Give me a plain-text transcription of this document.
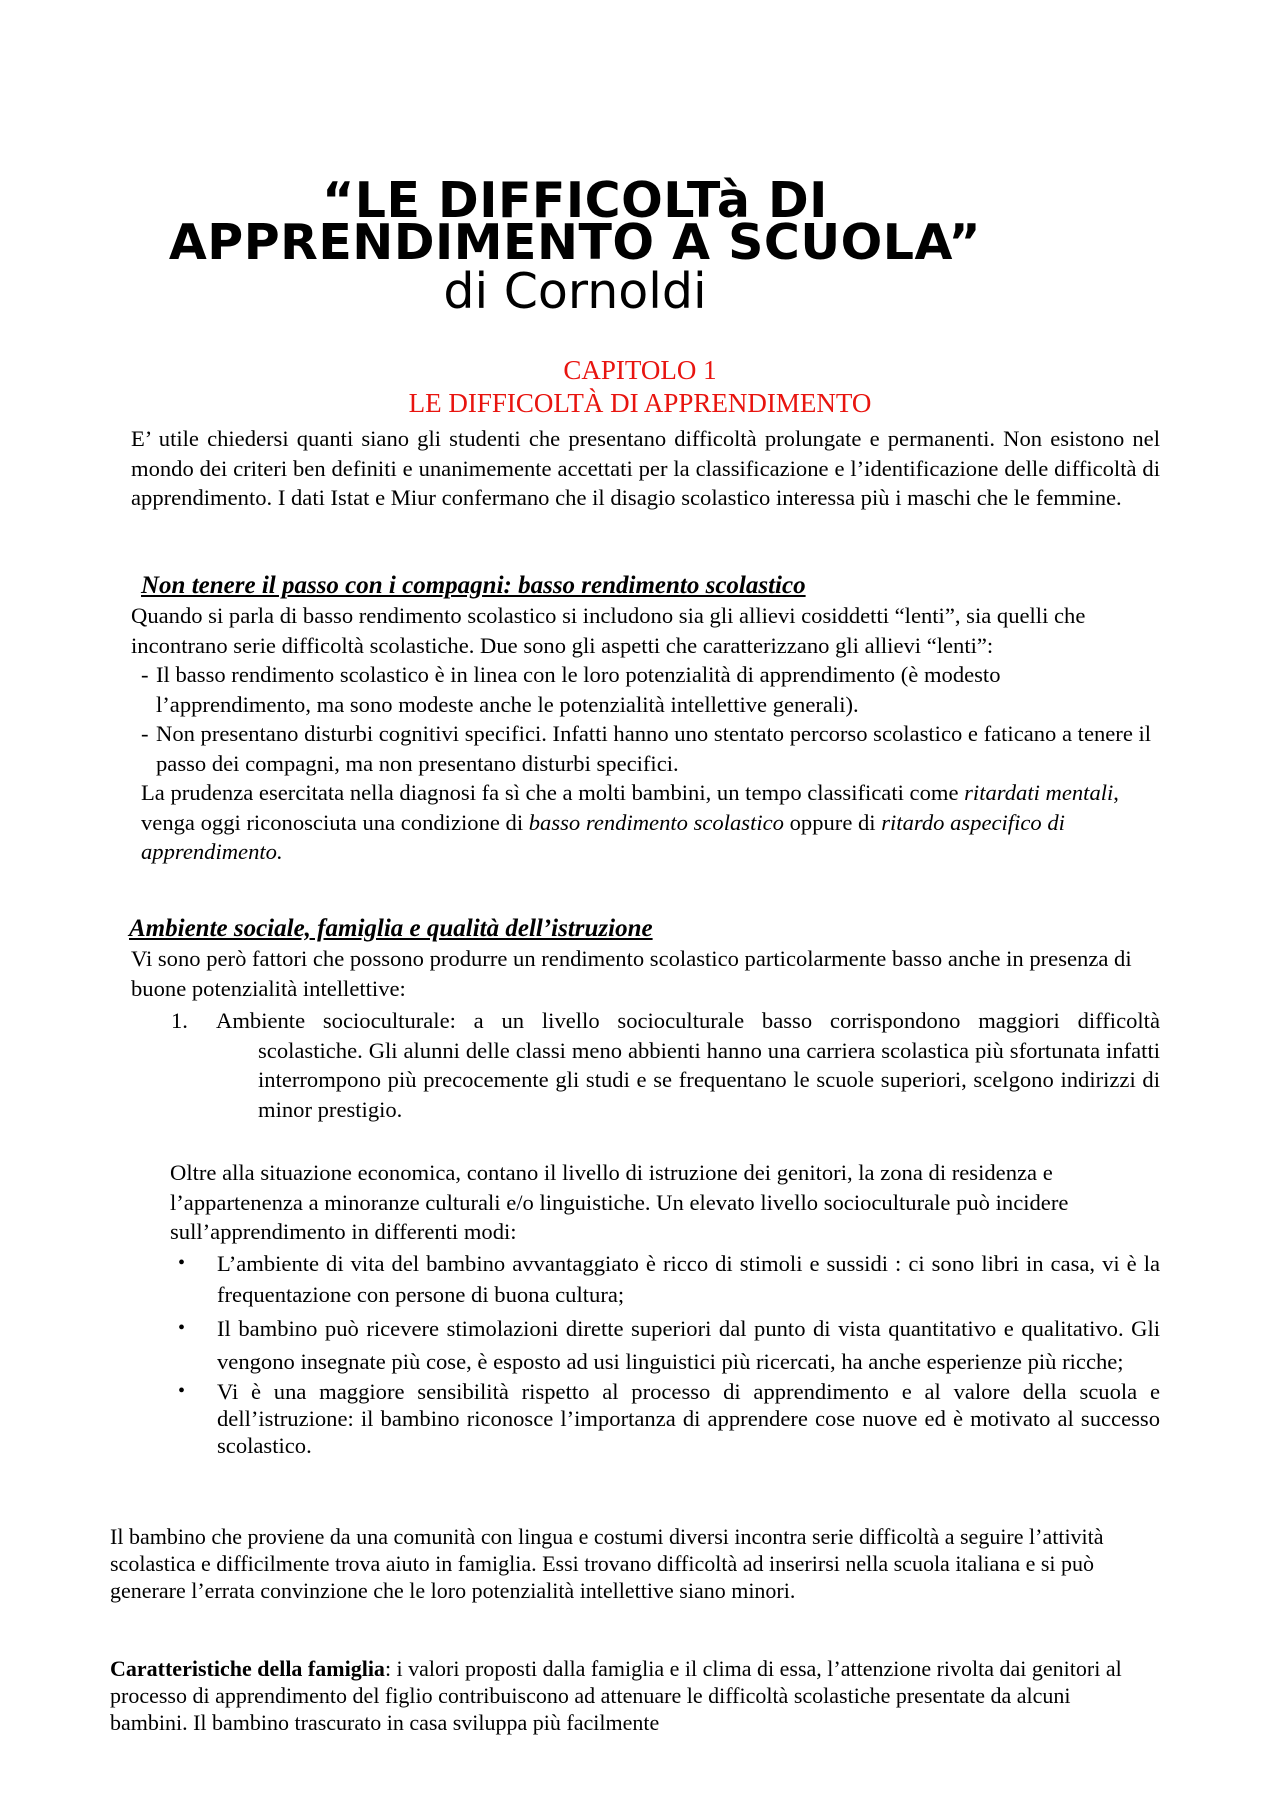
“LE DIFFICOLTà DI
APPRENDIMENTO A SCUOLA”
di Cornoldi
CAPITOLO 1
LE DIFFICOLTÀ DI APPRENDIMENTO

E’ utile chiedersi quanti siano gli studenti che presentano difficoltà prolungate e permanenti. Non esistono nel mondo dei criteri ben definiti e unanimemente accettati per la classificazione e l’identificazione delle difficoltà di apprendimento. I dati Istat e Miur confermano che il disagio scolastico interessa più i maschi che le femmine.

Non tenere il passo con i compagni: basso rendimento scolastico

Quando si parla di basso rendimento scolastico si includono sia gli allievi cosiddetti “lenti”, sia quelli che incontrano serie difficoltà scolastiche. Due sono gli aspetti che caratterizzano gli allievi “lenti”:

- Il basso rendimento scolastico è in linea con le loro potenzialità di apprendimento (è modesto l’apprendimento, ma sono modeste anche le potenzialità intellettive generali).
- Non presentano disturbi cognitivi specifici. Infatti hanno uno stentato percorso scolastico e faticano a tenere il passo dei compagni, ma non presentano disturbi specifici.

La prudenza esercitata nella diagnosi fa sì che a molti bambini, un tempo classificati come ritardati mentali, venga oggi riconosciuta una condizione di basso rendimento scolastico oppure di ritardo aspecifico di apprendimento.

Ambiente sociale, famiglia e qualità dell’istruzione

Vi sono però fattori che possono produrre un rendimento scolastico particolarmente basso anche in presenza di buone potenzialità intellettive:

1. Ambiente socioculturale: a un livello socioculturale basso corrispondono maggiori difficoltà scolastiche. Gli alunni delle classi meno abbienti hanno una carriera scolastica più sfortunata infatti interrompono più precocemente gli studi e se frequentano le scuole superiori, scelgono indirizzi di minor prestigio.

Oltre alla situazione economica, contano il livello di istruzione dei genitori, la zona di residenza e l’appartenenza a minoranze culturali e/o linguistiche. Un elevato livello socioculturale può incidere sull’apprendimento in differenti modi:

• L’ambiente di vita del bambino avvantaggiato è ricco di stimoli e sussidi : ci sono libri in casa, vi è la frequentazione con persone di buona cultura;
• Il bambino può ricevere stimolazioni dirette superiori dal punto di vista quantitativo e qualitativo. Gli vengono insegnate più cose, è esposto ad usi linguistici più ricercati, ha anche esperienze più ricche;
• Vi è una maggiore sensibilità rispetto al processo di apprendimento e al valore della scuola e dell’istruzione: il bambino riconosce l’importanza di apprendere cose nuove ed è motivato al successo scolastico.

Il bambino che proviene da una comunità con lingua e costumi diversi incontra serie difficoltà a seguire l’attività scolastica e difficilmente trova aiuto in famiglia. Essi trovano difficoltà ad inserirsi nella scuola italiana e si può generare l’errata convinzione che le loro potenzialità intellettive siano minori.

Caratteristiche della famiglia: i valori proposti dalla famiglia e il clima di essa, l’attenzione rivolta dai genitori al processo di apprendimento del figlio contribuiscono ad attenuare le difficoltà scolastiche presentate da alcuni bambini. Il bambino trascurato in casa sviluppa più facilmente
